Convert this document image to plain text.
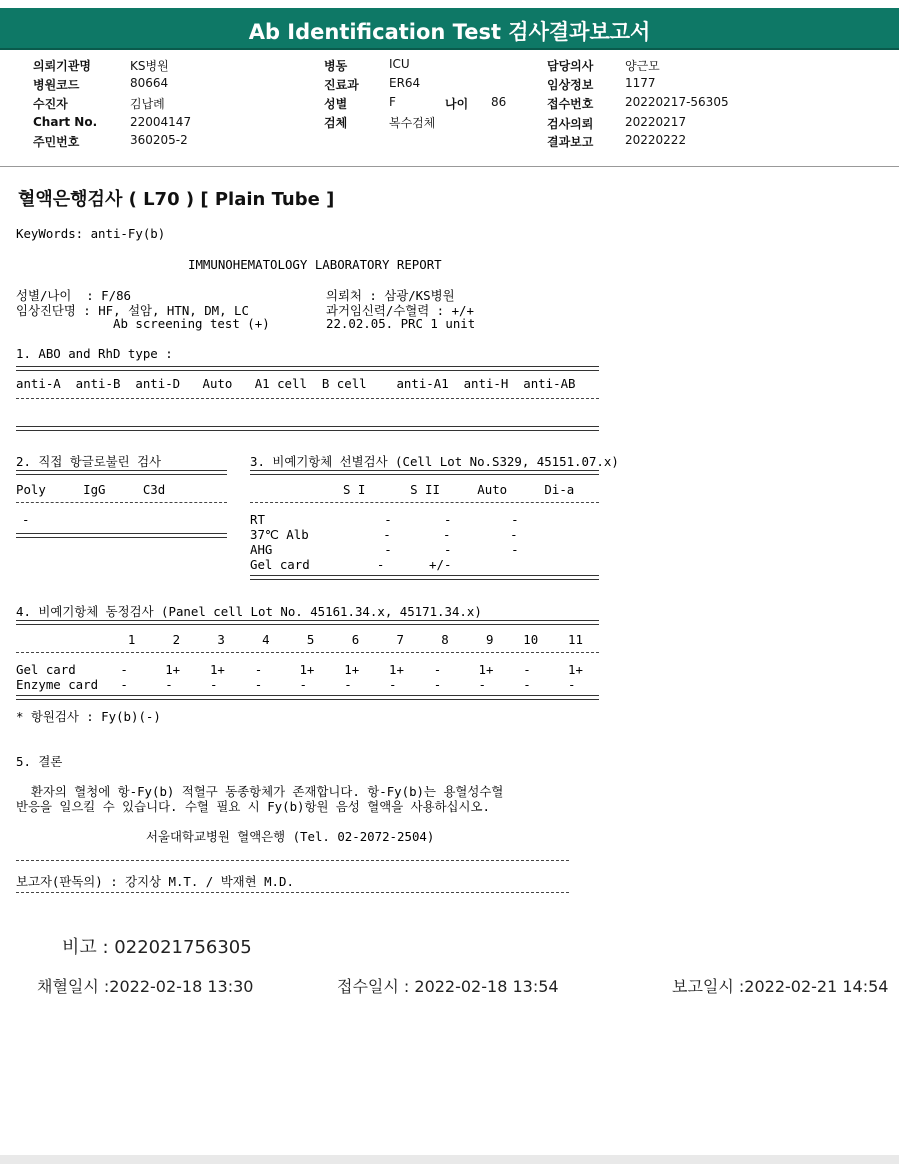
Ab Identification Test 검사결과보고서
의뢰기관명	KS병원
병원코드	80664
수진자	김납례
Chart No.	22004147
주민번호	360205-2
병동	ICU
진료과	ER64
성별	F	나이 86
검체	복수검체
담당의사	양근모
임상정보	1177
접수번호	20220217-56305
검사의뢰	20220217
결과보고	20220222
혈액은행검사 ( L70 ) [ Plain Tube ]
KeyWords: anti-Fy(b)
IMMUNOHEMATOLOGY LABORATORY REPORT
성별/나이  : F/86	의뢰처 : 삼광/KS병원
임상진단명 : HF, 설암, HTN, DM, LC	과거임신력/수혈력 : +/+
Ab screening test (+)	22.02.05. PRC 1 unit
1. ABO and RhD type :
anti-A  anti-B  anti-D   Auto   A1 cell  B cell    anti-A1  anti-H  anti-AB
2. 직접 항글로불린 검사	3. 비예기항체 선별검사 (Cell Lot No.S329, 45151.07.x)
Poly     IgG     C3d	S I      S II     Auto     Di-a
-	RT                -       -        -
37℃ Alb          -       -        -
AHG               -       -        -
Gel card         -      +/-
4. 비예기항체 동정검사 (Panel cell Lot No. 45161.34.x, 45171.34.x)
1     2     3     4     5     6     7     8     9    10    11
Gel card      -     1+    1+    -     1+    1+    1+    -     1+    -     1+
Enzyme card   -     -     -     -     -     -     -     -     -     -     -
* 항원검사 : Fy(b)(-)
5. 결론
환자의 혈청에 항-Fy(b) 적혈구 동종항체가 존재합니다. 항-Fy(b)는 용혈성수혈
반응을 일으킬 수 있습니다. 수혈 필요 시 Fy(b)항원 음성 혈액을 사용하십시오.
서울대학교병원 혈액은행 (Tel. 02-2072-2504)
보고자(판독의) : 강지상 M.T. / 박재현 M.D.
비고 : 022021756305
채혈일시 :2022-02-18 13:30	접수일시 : 2022-02-18 13:54	보고일시 :2022-02-21 14:54
